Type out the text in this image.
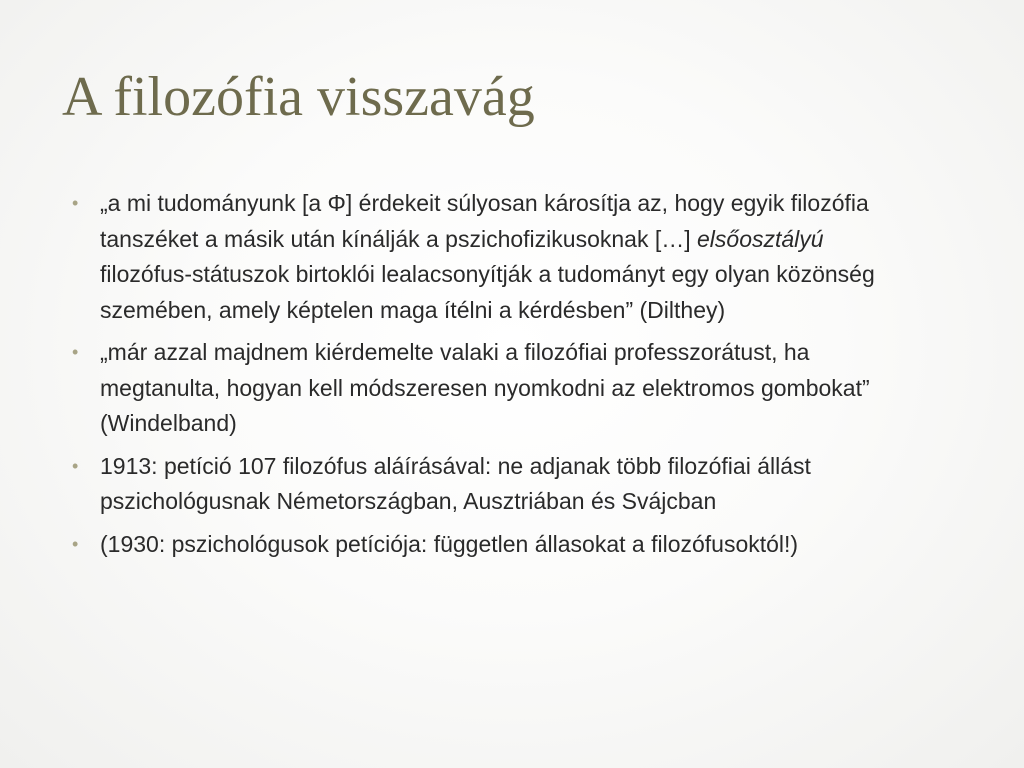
A filozófia visszavág
• „a mi tudományunk [a Φ] érdekeit súlyosan károsítja az, hogy egyik filozófia tanszéket a másik után kínálják a pszichofizikusoknak […] elsőosztályú filozófus-státuszok birtoklói lealacsonyítják a tudományt egy olyan közönség szemében, amely képtelen maga ítélni a kérdésben” (Dilthey)
• „már azzal majdnem kiérdemelte valaki a filozófiai professzorátust, ha megtanulta, hogyan kell módszeresen nyomkodni az elektromos gombokat” (Windelband)
• 1913: petíció 107 filozófus aláírásával: ne adjanak több filozófiai állást pszichológusnak Németországban, Ausztriában és Svájcban
• (1930: pszichológusok petíciója: független állasokat a filozófusoktól!)
